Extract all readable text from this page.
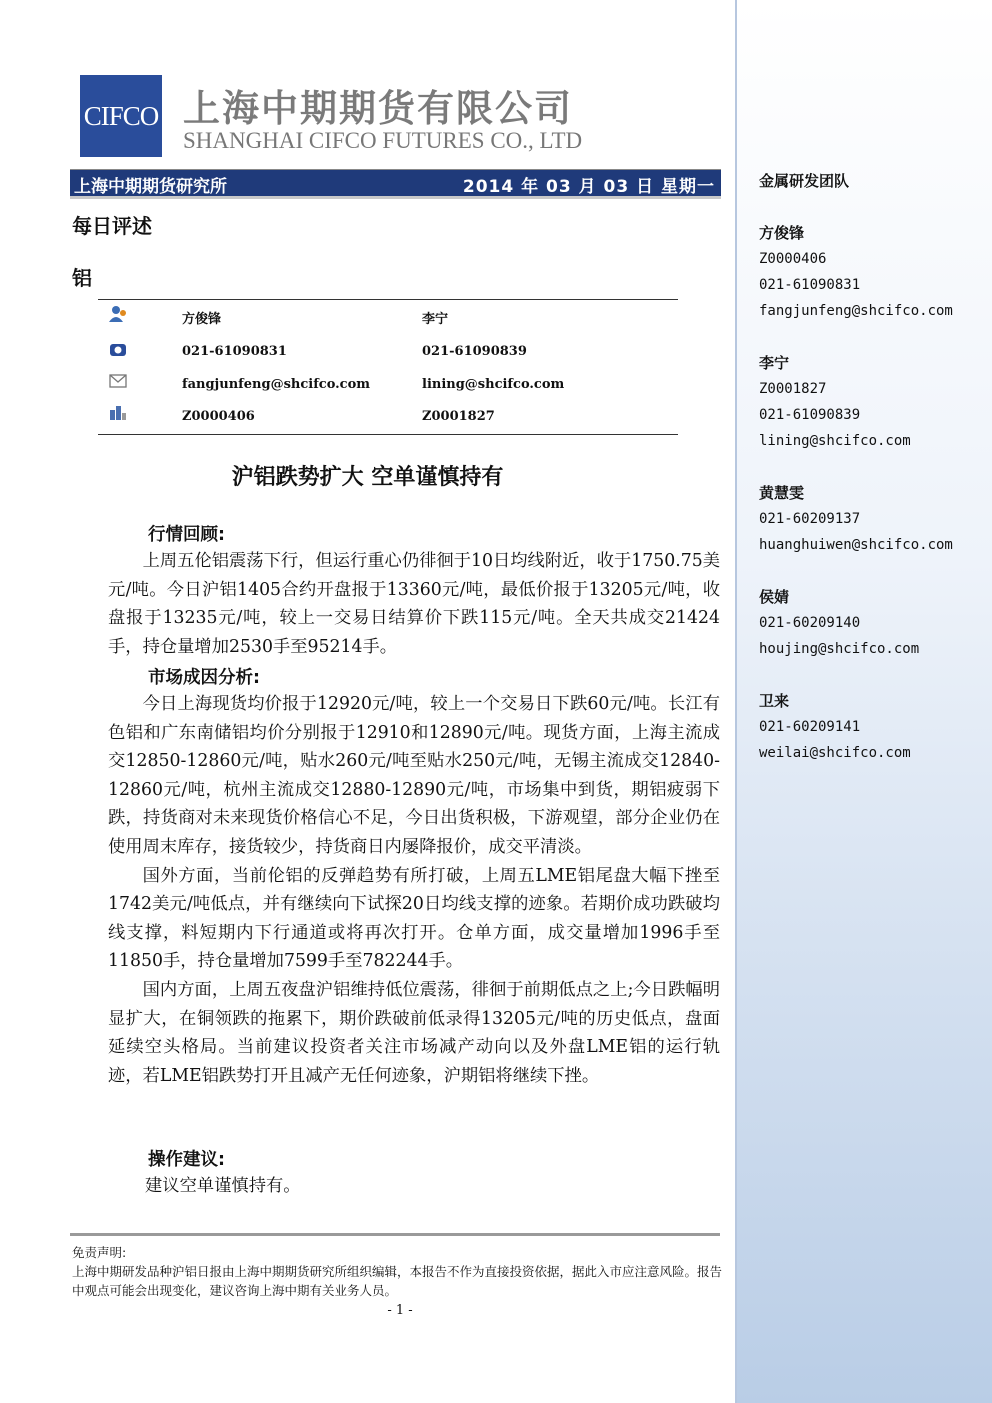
金属研发团队
方俊锋
Z0000406
021-61090831
fangjunfeng@shcifco.com
李宁
Z0001827
021-61090839
lining@shcifco.com
黄慧雯
021-60209137
huanghuiwen@shcifco.com
侯婧
021-60209140
houjing@shcifco.com
卫来
021-60209141
weilai@shcifco.com
CIFCO 上海中期期货有限公司
SHANGHAI CIFCO FUTURES CO., LTD
上海中期期货研究所	2014 年 03 月 03 日 星期一
每日评述
铝
方俊锋	李宁
021-61090831	021-61090839
fangjunfeng@shcifco.com	lining@shcifco.com
Z0000406	Z0001827
沪铝跌势扩大 空单谨慎持有
行情回顾:

上周五伦铝震荡下行，但运行重心仍徘徊于10日均线附近，收于1750.75美元/吨。今日沪铝1405合约开盘报于13360元/吨，最低价报于13205元/吨，收盘报于13235元/吨，较上一交易日结算价下跌115元/吨。全天共成交21424手，持仓量增加2530手至95214手。

市场成因分析:

今日上海现货均价报于12920元/吨，较上一个交易日下跌60元/吨。长江有色铝和广东南储铝均价分别报于12910和12890元/吨。现货方面，上海主流成交12850-12860元/吨，贴水260元/吨至贴水250元/吨，无锡主流成交12840-12860元/吨，杭州主流成交12880-12890元/吨，市场集中到货，期铝疲弱下跌，持货商对未来现货价格信心不足，今日出货积极，下游观望，部分企业仍在使用周末库存，接货较少，持货商日内屡降报价，成交平清淡。

国外方面，当前伦铝的反弹趋势有所打破，上周五LME铝尾盘大幅下挫至1742美元/吨低点，并有继续向下试探20日均线支撑的迹象。若期价成功跌破均线支撑，料短期内下行通道或将再次打开。仓单方面，成交量增加1996手至11850手，持仓量增加7599手至782244手。

国内方面，上周五夜盘沪铝维持低位震荡，徘徊于前期低点之上;今日跌幅明显扩大，在铜领跌的拖累下，期价跌破前低录得13205元/吨的历史低点，盘面延续空头格局。当前建议投资者关注市场减产动向以及外盘LME铝的运行轨迹，若LME铝跌势打开且减产无任何迹象，沪期铝将继续下挫。

操作建议:

建议空单谨慎持有。

免责声明:
上海中期研发品种沪铝日报由上海中期期货研究所组织编辑，本报告不作为直接投资依据，据此入市应注意风险。报告中观点可能会出现变化，建议咨询上海中期有关业务人员。
- 1 -
